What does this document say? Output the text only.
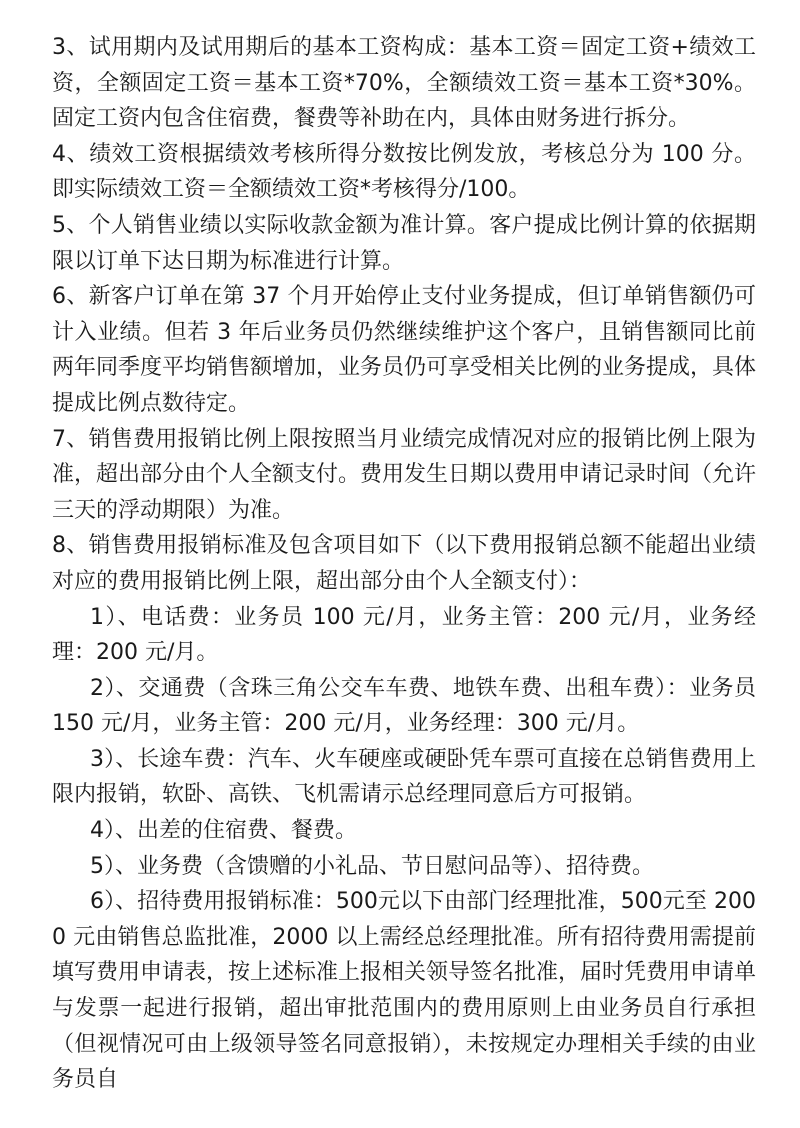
3、试用期内及试用期后的基本工资构成：基本工资＝固定工资+绩效工资，全额固定工资＝基本工资*70%，全额绩效工资＝基本工资*30%。固定工资内包含住宿费，餐费等补助在内，具体由财务进行拆分。

4、绩效工资根据绩效考核所得分数按比例发放，考核总分为 100 分。即实际绩效工资＝全额绩效工资*考核得分/100。

5、个人销售业绩以实际收款金额为准计算。客户提成比例计算的依据期限以订单下达日期为标准进行计算。

6、新客户订单在第 37 个月开始停止支付业务提成，但订单销售额仍可计入业绩。但若 3 年后业务员仍然继续维护这个客户，且销售额同比前两年同季度平均销售额增加，业务员仍可享受相关比例的业务提成，具体提成比例点数待定。

7、销售费用报销比例上限按照当月业绩完成情况对应的报销比例上限为准，超出部分由个人全额支付。费用发生日期以费用申请记录时间（允许三天的浮动期限）为准。

8、销售费用报销标准及包含项目如下（以下费用报销总额不能超出业绩对应的费用报销比例上限，超出部分由个人全额支付）：

1）、电话费：业务员 100 元/月，业务主管：200 元/月，业务经理：200 元/月。

2）、交通费（含珠三角公交车车费、地铁车费、出租车费）：业务员 150 元/月，业务主管：200 元/月，业务经理：300 元/月。

3）、长途车费：汽车、火车硬座或硬卧凭车票可直接在总销售费用上限内报销，软卧、高铁、飞机需请示总经理同意后方可报销。

4）、出差的住宿费、餐费。

5）、业务费（含馈赠的小礼品、节日慰问品等）、招待费。

6）、招待费用报销标准：500元以下由部门经理批准，500元至 2000 元由销售总监批准，2000 以上需经总经理批准。所有招待费用需提前填写费用申请表，按上述标准上报相关领导签名批准，届时凭费用申请单与发票一起进行报销，超出审批范围内的费用原则上由业务员自行承担（但视情况可由上级领导签名同意报销），未按规定办理相关手续的由业务员自
